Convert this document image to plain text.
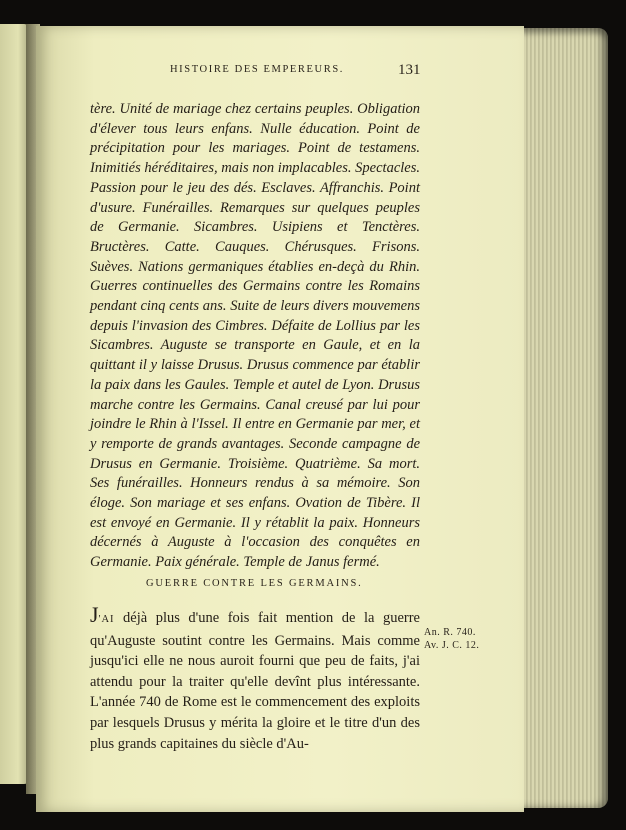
HISTOIRE DES EMPEREURS.	131

tère. Unité de mariage chez certains peuples. Obligation d'élever tous leurs enfans. Nulle éducation. Point de précipitation pour les mariages. Point de testamens. Inimitiés héréditaires, mais non implacables. Spectacles. Passion pour le jeu des dés. Esclaves. Affranchis. Point d'usure. Funérailles. Remarques sur quelques peuples de Germanie. Sicambres. Usipiens et Tenctères. Bructères. Catte. Cauques. Chérusques. Frisons. Suèves. Nations germaniques établies en-deçà du Rhin. Guerres continuelles des Germains contre les Romains pendant cinq cents ans. Suite de leurs divers mouvemens depuis l'invasion des Cimbres. Défaite de Lollius par les Sicambres. Auguste se transporte en Gaule, et en la quittant il y laisse Drusus. Drusus commence par établir la paix dans les Gaules. Temple et autel de Lyon. Drusus marche contre les Germains. Canal creusé par lui pour joindre le Rhin à l'Issel. Il entre en Germanie par mer, et y remporte de grands avantages. Seconde campagne de Drusus en Germanie. Troisième. Quatrième. Sa mort. Ses funérailles. Honneurs rendus à sa mémoire. Son éloge. Son mariage et ses enfans. Ovation de Tibère. Il est envoyé en Germanie. Il y rétablit la paix. Honneurs décernés à Auguste à l'occasion des conquêtes en Germanie. Paix générale. Temple de Janus fermé.

GUERRE CONTRE LES GERMAINS.

J'AI déjà plus d'une fois fait mention de la guerre qu'Auguste soutint contre les Germains. Mais comme jusqu'ici elle ne nous auroit fourni que peu de faits, j'ai attendu pour la traiter qu'elle devînt plus intéressante. L'année 740 de Rome est le commencement des exploits par lesquels Drusus y mérita la gloire et le titre d'un des plus grands capitaines du siècle d'Au-

An. R. 740.
Av. J. C. 12.
